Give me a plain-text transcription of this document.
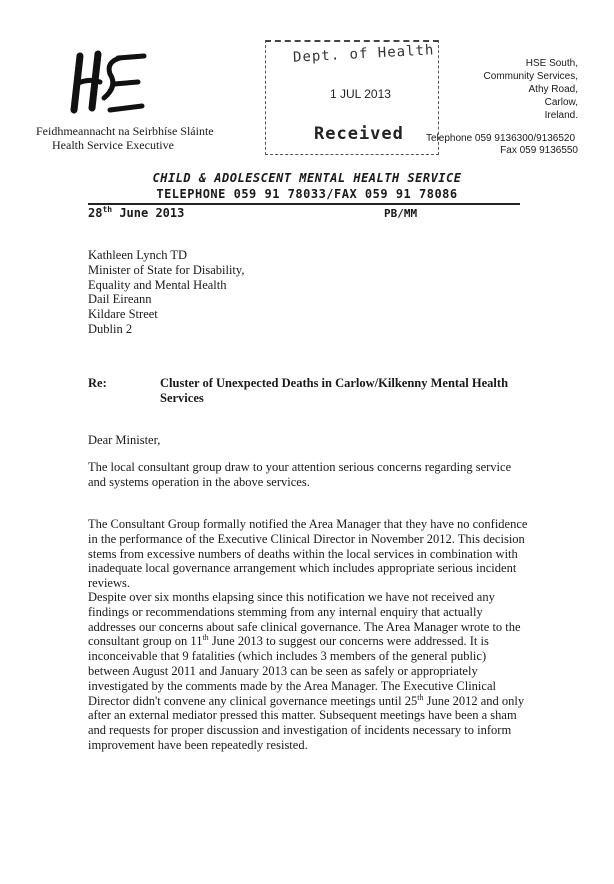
Feidhmeannacht na Seirbhíse Sláinte
Health Service Executive
Dept. of Health
1 JUL 2013
Received
HSE South,
Community Services,
Athy Road,
Carlow,
Ireland.
Telephone 059 9136300/9136520
Fax 059 9136550
CHILD & ADOLESCENT MENTAL HEALTH SERVICE
TELEPHONE 059 91 78033/FAX 059 91 78086
28th June 2013	PB/MM
Kathleen Lynch TD
Minister of State for Disability,
Equality and Mental Health
Dail Eireann
Kildare Street
Dublin 2
Re:	Cluster of Unexpected Deaths in Carlow/Kilkenny Mental Health Services
Dear Minister,
The local consultant group draw to your attention serious concerns regarding service and systems operation in the above services.
The Consultant Group formally notified the Area Manager that they have no confidence in the performance of the Executive Clinical Director in November 2012. This decision stems from excessive numbers of deaths within the local services in combination with inadequate local governance arrangement which includes appropriate serious incident reviews.
Despite over six months elapsing since this notification we have not received any findings or recommendations stemming from any internal enquiry that actually addresses our concerns about safe clinical governance. The Area Manager wrote to the consultant group on 11th June 2013 to suggest our concerns were addressed. It is inconceivable that 9 fatalities (which includes 3 members of the general public) between August 2011 and January 2013 can be seen as safely or appropriately investigated by the comments made by the Area Manager. The Executive Clinical Director didn't convene any clinical governance meetings until 25th June 2012 and only after an external mediator pressed this matter. Subsequent meetings have been a sham and requests for proper discussion and investigation of incidents necessary to inform improvement have been repeatedly resisted.
